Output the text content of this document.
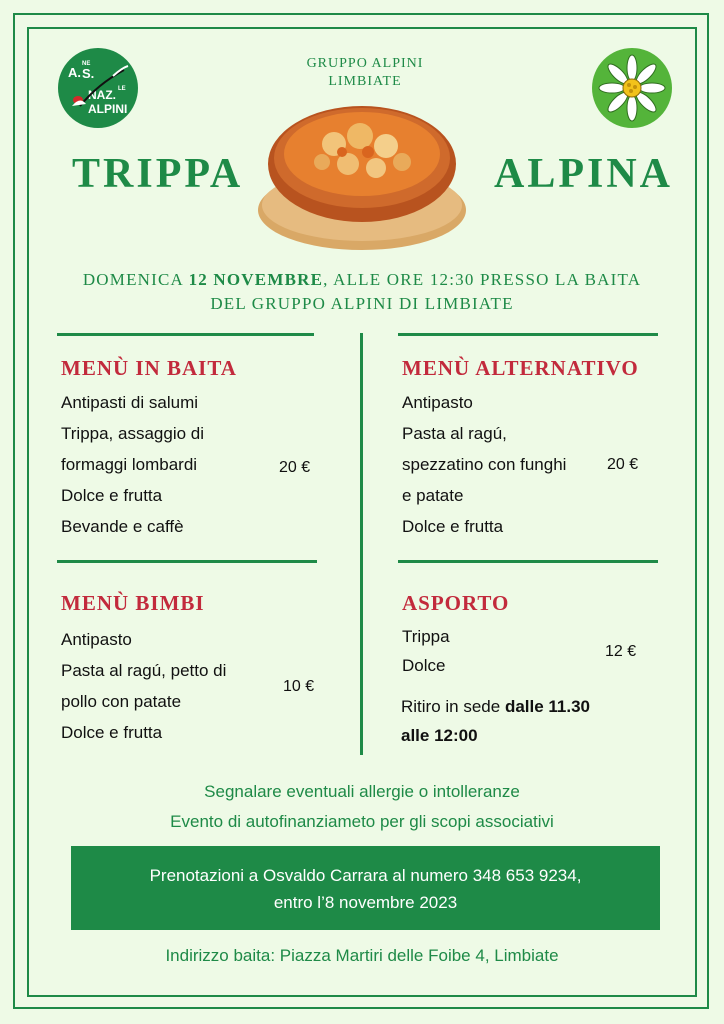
A.
NE
S.
NAZ. LE
ALPINI
GRUPPO ALPINI
LIMBIATE
TRIPPA	ALPINA
DOMENICA 12 NOVEMBRE, ALLE ORE 12:30 PRESSO LA BAITA
DEL GRUPPO ALPINI DI LIMBIATE
MENÙ IN BAITA
Antipasti di salumi
Trippa, assaggio di
formaggi lombardi
Dolce e frutta
Bevande e caffè
20 €
MENÙ ALTERNATIVO
Antipasto
Pasta al ragú,
spezzatino con funghi
e patate
Dolce e frutta
20 €
MENÙ BIMBI
Antipasto
Pasta al ragú, petto di
pollo con patate
Dolce e frutta
10 €
ASPORTO
Trippa
Dolce
12 €
Ritiro in sede dalle 11.30
alle 12:00
Segnalare eventuali allergie o intolleranze
Evento di autofinanziameto per gli scopi associativi
Prenotazioni a Osvaldo Carrara al numero 348 653 9234,
entro l’8 novembre 2023
Indirizzo baita: Piazza Martiri delle Foibe 4, Limbiate
